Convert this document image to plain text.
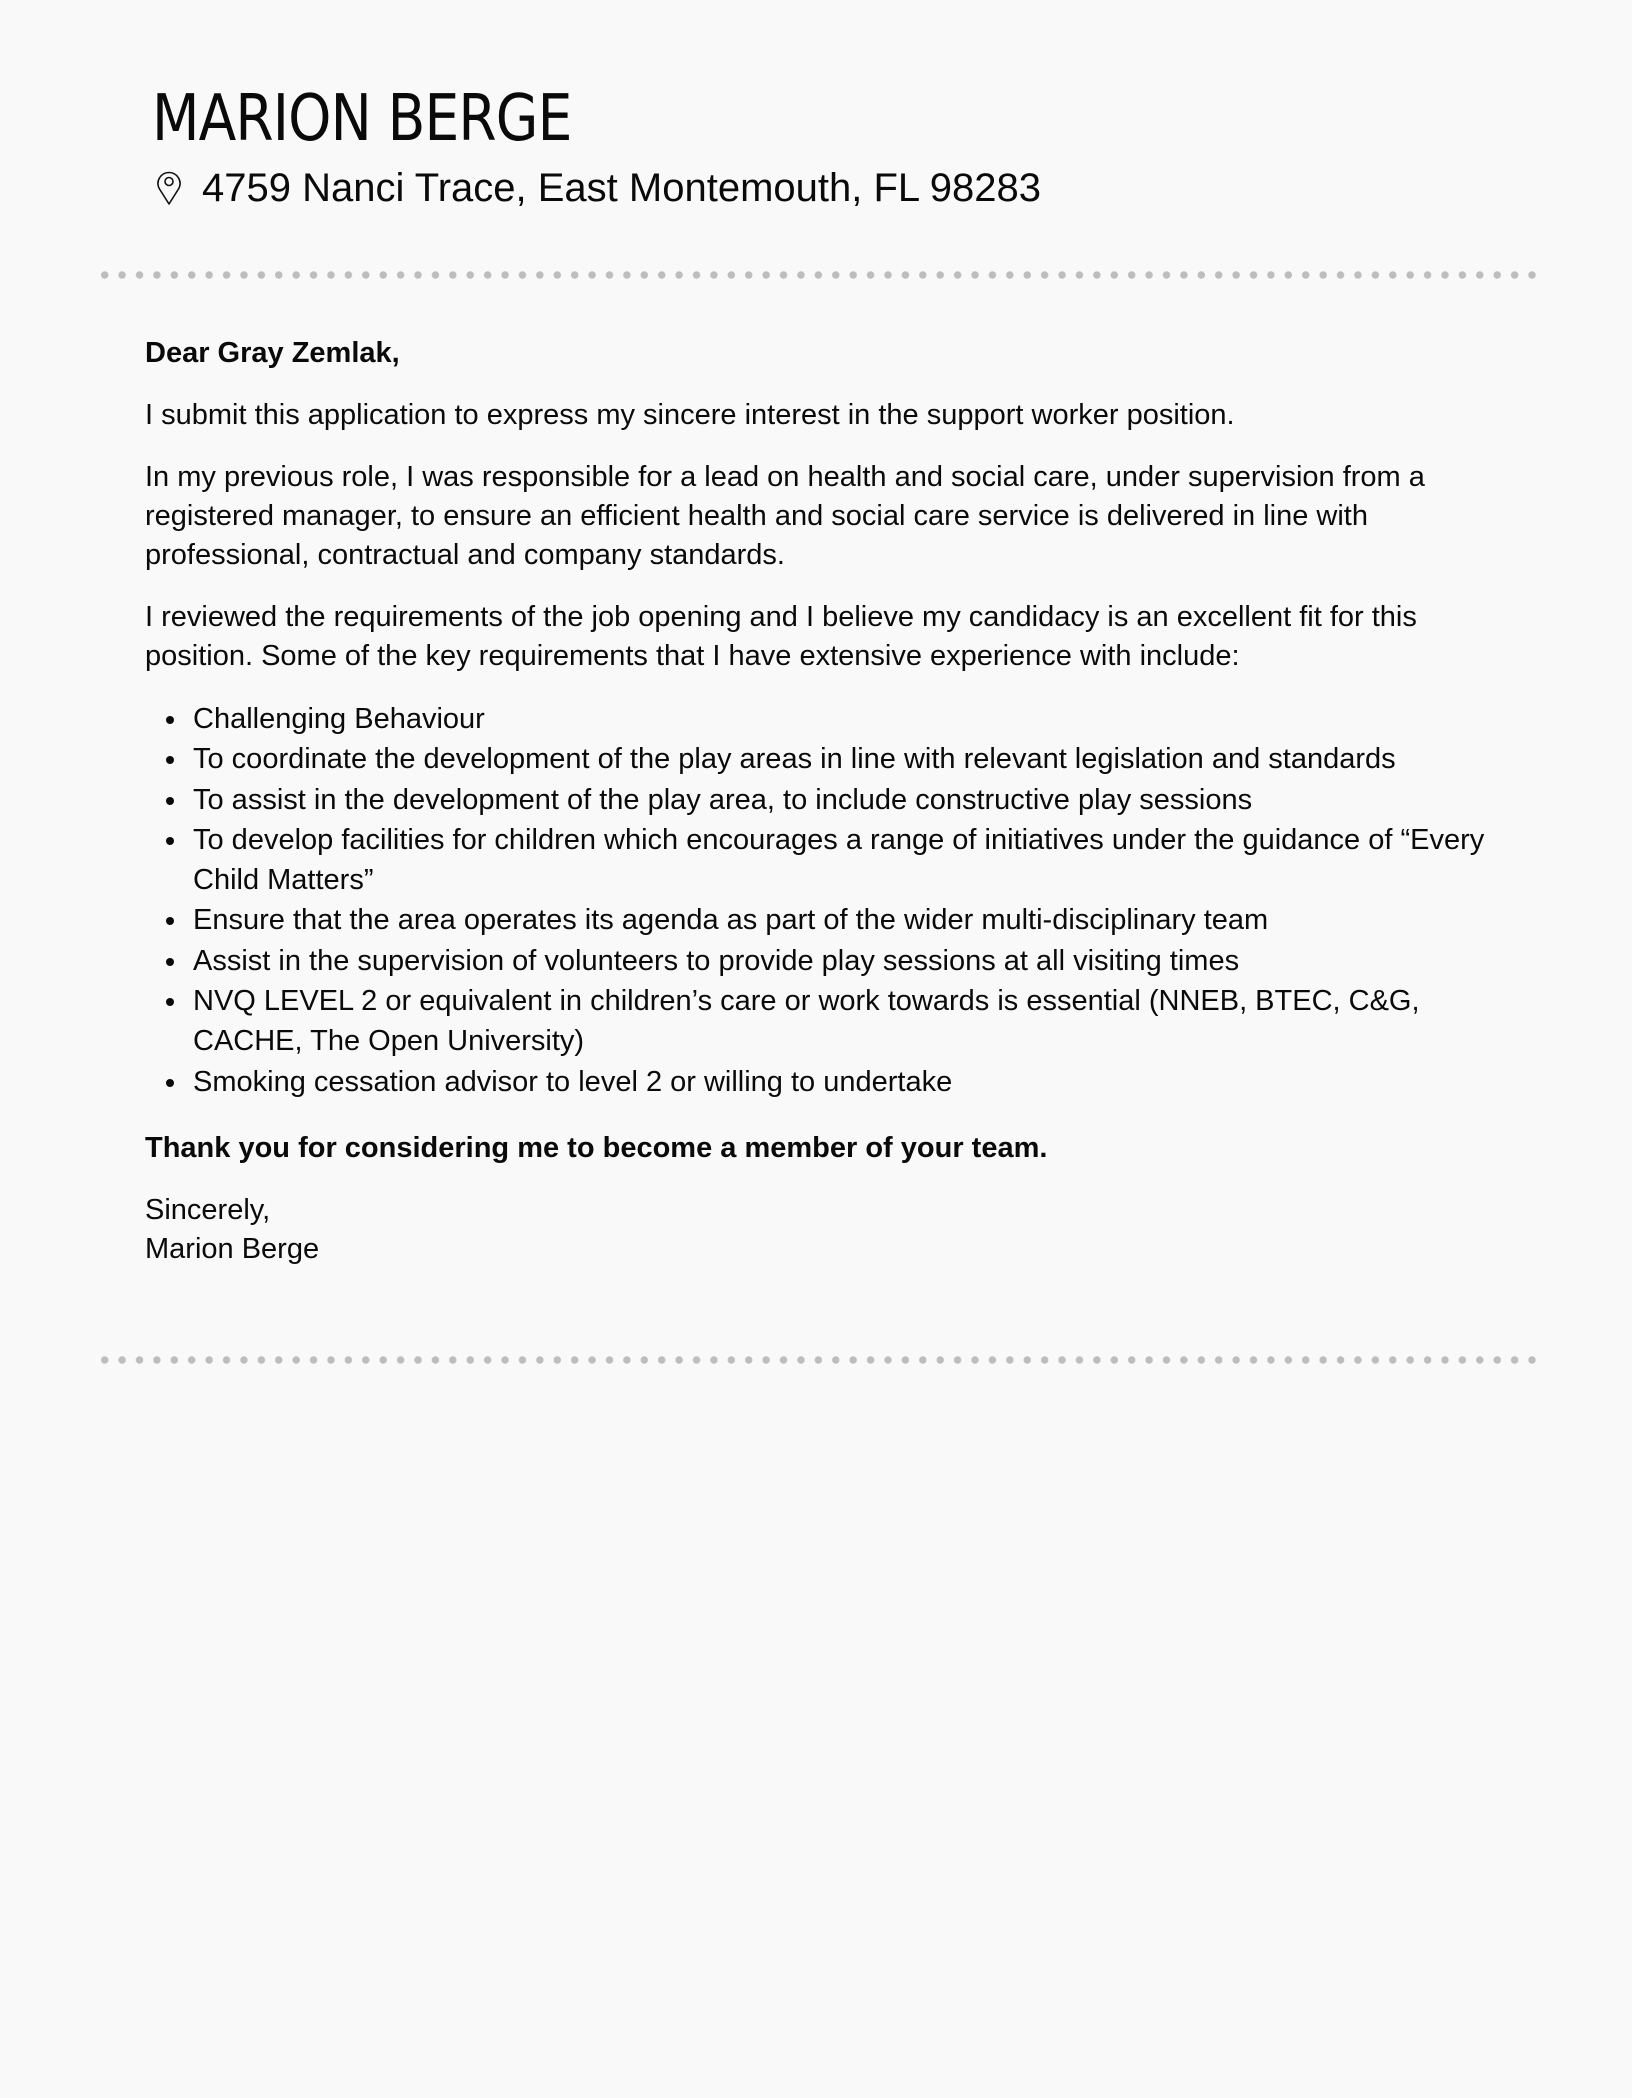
MARION BERGE
4759 Nanci Trace, East Montemouth, FL 98283

Dear Gray Zemlak,

I submit this application to express my sincere interest in the support worker position.

In my previous role, I was responsible for a lead on health and social care, under supervision from a registered manager, to ensure an efficient health and social care service is delivered in line with professional, contractual and company standards.

I reviewed the requirements of the job opening and I believe my candidacy is an excellent fit for this position. Some of the key requirements that I have extensive experience with include:

Challenging Behaviour
To coordinate the development of the play areas in line with relevant legislation and standards
To assist in the development of the play area, to include constructive play sessions
To develop facilities for children which encourages a range of initiatives under the guidance of “Every Child Matters”
Ensure that the area operates its agenda as part of the wider multi-disciplinary team
Assist in the supervision of volunteers to provide play sessions at all visiting times
NVQ LEVEL 2 or equivalent in children’s care or work towards is essential (NNEB, BTEC, C&G, CACHE, The Open University)
Smoking cessation advisor to level 2 or willing to undertake

Thank you for considering me to become a member of your team.

Sincerely,
Marion Berge
